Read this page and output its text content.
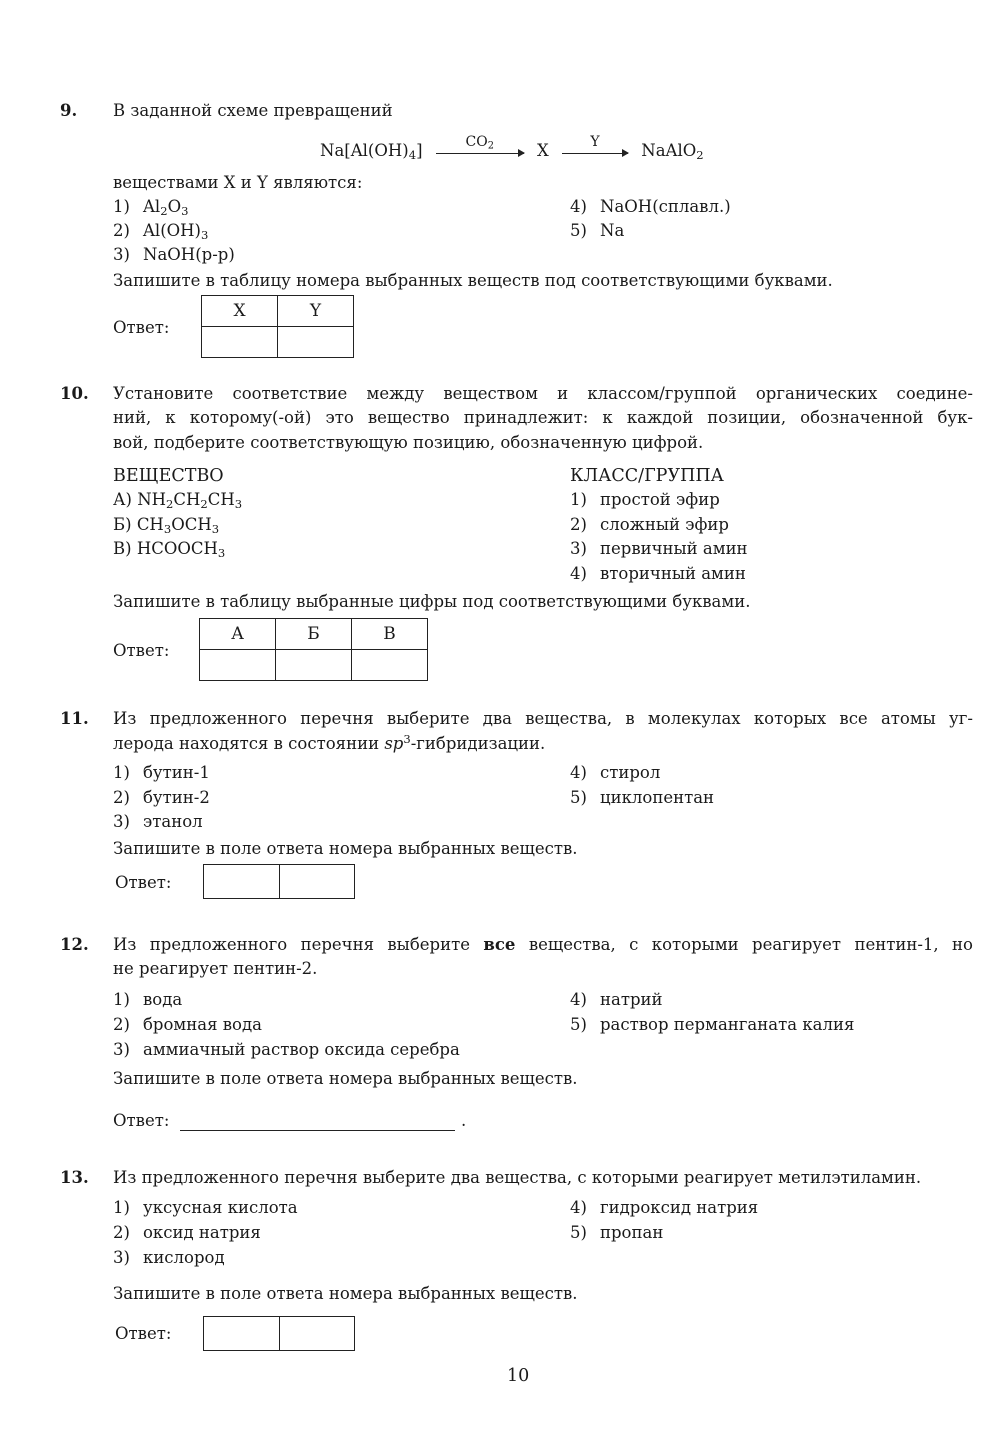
9. В заданной схеме превращений
$Na[Al(OH)_4]$	$CO_2$	X	Y	NaAlO$_2$
веществами X и Y являются:
1) $Al_2O_3$
2) $Al(OH)_3$
3) NaOH(р-р)
4) NaOH(сплавл.)
5) Na
Запишите в таблицу номера выбранных веществ под соответствующими буквами.
Ответ:
X	Y

10. Установите соответствие между веществом и классом/группой органических соедине-
ний, к которому(-ой) это вещество принадлежит: к каждой позиции, обозначенной бук-
вой, подберите соответствующую позицию, обозначенную цифрой.
ВЕЩЕСТВО	КЛАСС/ГРУППА
А) $NH_2CH_2CH_3$
Б) $CH_3OCH_3$
В) $HCOOCH_3$
1) простой эфир
2) сложный эфир
3) первичный амин
4) вторичный амин
Запишите в таблицу выбранные цифры под соответствующими буквами.
Ответ:
А	Б	В

11. Из предложенного перечня выберите два вещества, в молекулах которых все атомы уг-
лерода находятся в состоянии $sp^3$-гибридизации.
1) бутин-1
2) бутин-2
3) этанол
4) стирол
5) циклопентан
Запишите в поле ответа номера выбранных веществ.
Ответ:
12. Из предложенного перечня выберите все вещества, с которыми реагирует пентин-1, но
не реагирует пентин-2.
1) вода
2) бромная вода
3) аммиачный раствор оксида серебра
4) натрий
5) раствор перманганата калия
Запишите в поле ответа номера выбранных веществ.
Ответ:	.
13. Из предложенного перечня выберите два вещества, с которыми реагирует метилэтиламин.
1) уксусная кислота
2) оксид натрия
3) кислород
4) гидроксид натрия
5) пропан
Запишите в поле ответа номера выбранных веществ.
Ответ:
10
